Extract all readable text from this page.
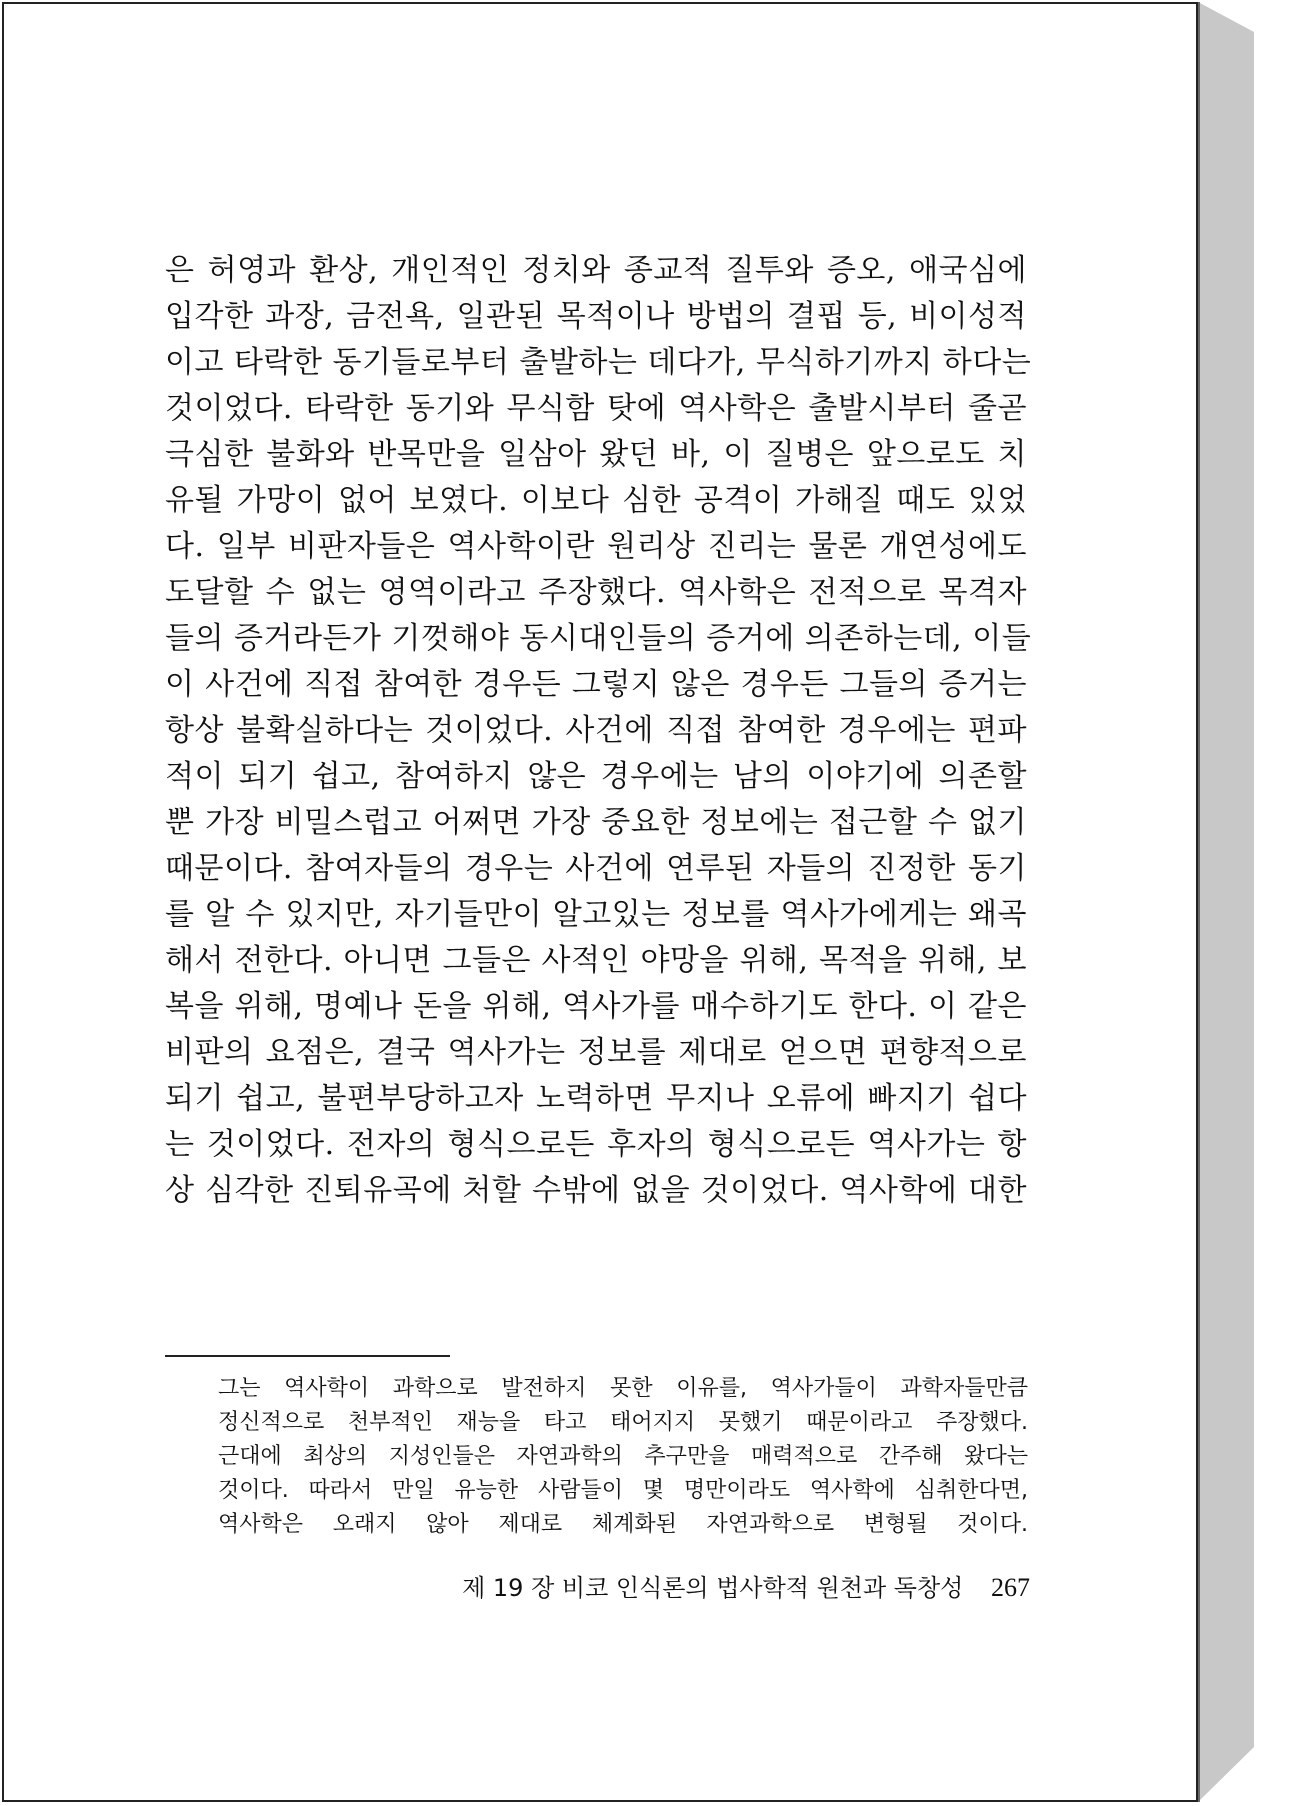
은 허영과 환상, 개인적인 정치와 종교적 질투와 증오, 애국심에
입각한 과장, 금전욕, 일관된 목적이나 방법의 결핍 등, 비이성적
이고 타락한 동기들로부터 출발하는 데다가, 무식하기까지 하다는
것이었다. 타락한 동기와 무식함 탓에 역사학은 출발시부터 줄곧
극심한 불화와 반목만을 일삼아 왔던 바, 이 질병은 앞으로도 치
유될 가망이 없어 보였다. 이보다 심한 공격이 가해질 때도 있었
다. 일부 비판자들은 역사학이란 원리상 진리는 물론 개연성에도
도달할 수 없는 영역이라고 주장했다. 역사학은 전적으로 목격자
들의 증거라든가 기껏해야 동시대인들의 증거에 의존하는데, 이들
이 사건에 직접 참여한 경우든 그렇지 않은 경우든 그들의 증거는
항상 불확실하다는 것이었다. 사건에 직접 참여한 경우에는 편파
적이 되기 쉽고, 참여하지 않은 경우에는 남의 이야기에 의존할
뿐 가장 비밀스럽고 어쩌면 가장 중요한 정보에는 접근할 수 없기
때문이다. 참여자들의 경우는 사건에 연루된 자들의 진정한 동기
를 알 수 있지만, 자기들만이 알고있는 정보를 역사가에게는 왜곡
해서 전한다. 아니면 그들은 사적인 야망을 위해, 목적을 위해, 보
복을 위해, 명예나 돈을 위해, 역사가를 매수하기도 한다. 이 같은
비판의 요점은, 결국 역사가는 정보를 제대로 얻으면 편향적으로
되기 쉽고, 불편부당하고자 노력하면 무지나 오류에 빠지기 쉽다
는 것이었다. 전자의 형식으로든 후자의 형식으로든 역사가는 항
상 심각한 진퇴유곡에 처할 수밖에 없을 것이었다. 역사학에 대한
그는 역사학이 과학으로 발전하지 못한 이유를, 역사가들이 과학자들만큼
정신적으로 천부적인 재능을 타고 태어지지 못했기 때문이라고 주장했다.
근대에 최상의 지성인들은 자연과학의 추구만을 매력적으로 간주해 왔다는
것이다. 따라서 만일 유능한 사람들이 몇 명만이라도 역사학에 심취한다면,
역사학은 오래지 않아 제대로 체계화된 자연과학으로 변형될 것이다.
제 19 장 비코 인식론의 법사학적 원천과 독창성 267
